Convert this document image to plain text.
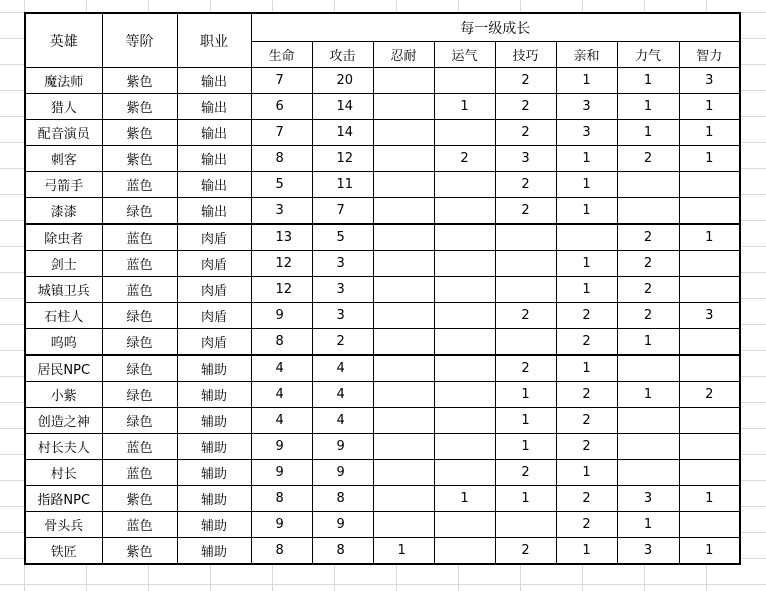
英雄	等阶	职业	每一级成长							
			生命	攻击	忍耐	运气	技巧	亲和	力气	智力
魔法师	紫色	输出	7	20			2	1	1	3
猎人	紫色	输出	6	14		1	2	3	1	1
配音演员	紫色	输出	7	14			2	3	1	1
刺客	紫色	输出	8	12		2	3	1	2	1
弓箭手	蓝色	输出	5	11			2	1		
漆漆	绿色	输出	3	7			2	1		
除虫者	蓝色	肉盾	13	5					2	1
剑士	蓝色	肉盾	12	3				1	2	
城镇卫兵	蓝色	肉盾	12	3				1	2	
石柱人	绿色	肉盾	9	3			2	2	2	3
呜呜	绿色	肉盾	8	2				2	1	
居民NPC	绿色	辅助	4	4			2	1		
小紫	绿色	辅助	4	4			1	2	1	2
创造之神	绿色	辅助	4	4			1	2		
村长夫人	蓝色	辅助	9	9			1	2		
村长	蓝色	辅助	9	9			2	1		
指路NPC	紫色	辅助	8	8		1	1	2	3	1
骨头兵	蓝色	辅助	9	9				2	1	
铁匠	紫色	辅助	8	8	1		2	1	3	1
